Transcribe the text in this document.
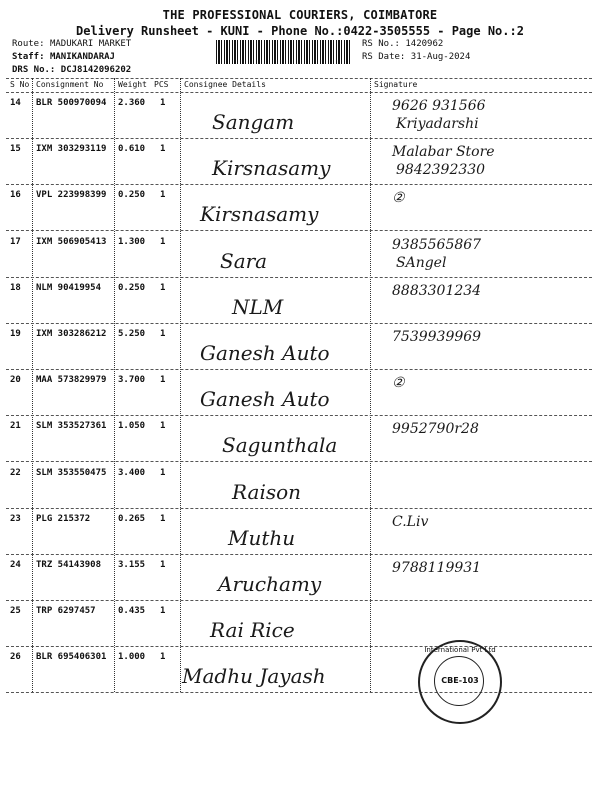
THE PROFESSIONAL COURIERS, COIMBATORE
Delivery Runsheet - KUNI - Phone No.:0422-3505555 - Page No.:2
Route: MADUKARI MARKET
Staff: MANIKANDARAJ
DRS No.: DCJ8142096202
RS No.: 1420962
RS Date: 31-Aug-2024
S No Consignment No Weight PCS Consignee Details	Signature
14 BLR 500970094 2.360 1
Sangam
9626 931566
Kriyadarshi
15 IXM 303293119 0.610 1
Kirsnasamy
Malabar Store
9842392330
16 VPL 223998399 0.250 1
Kirsnasamy
②
17 IXM 506905413 1.300 1
Sara
9385565867
SAngel
18 NLM 90419954 0.250 1
NLM
8883301234
19 IXM 303286212 5.250 1
Ganesh Auto
7539939969
20 MAA 573829979 3.700 1
Ganesh Auto
②
21 SLM 353527361 1.050 1
Sagunthala
9952790r28
22 SLM 353550475 3.400 1
Raison
23 PLG 215372	0.265 1
Muthu
C.Liv
24 TRZ 54143908 3.155 1
Aruchamy
9788119931
25 TRP 6297457 0.435 1
Rai Rice
26 BLR 695406301 1.000 1
Madhu Jayash
International Pvt Ltd
CBE-103
